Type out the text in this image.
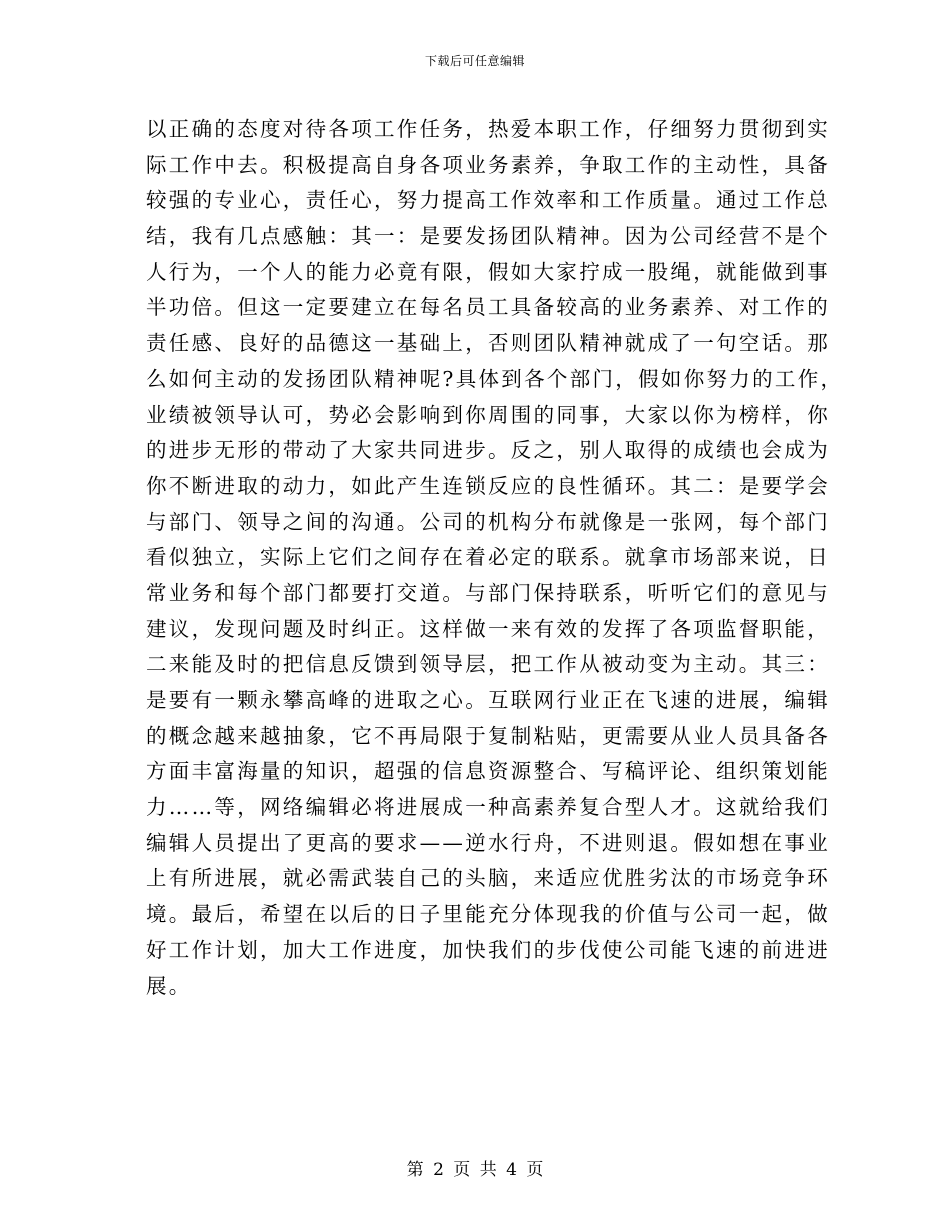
下载后可任意编辑
以正确的态度对待各项工作任务，热爱本职工作，仔细努力贯彻到实
际工作中去。积极提高自身各项业务素养，争取工作的主动性，具备
较强的专业心，责任心，努力提高工作效率和工作质量。通过工作总
结，我有几点感触：其一：是要发扬团队精神。因为公司经营不是个
人行为，一个人的能力必竟有限，假如大家拧成一股绳，就能做到事
半功倍。但这一定要建立在每名员工具备较高的业务素养、对工作的
责任感、良好的品德这一基础上，否则团队精神就成了一句空话。那
么如何主动的发扬团队精神呢?具体到各个部门，假如你努力的工作，
业绩被领导认可，势必会影响到你周围的同事，大家以你为榜样，你
的进步无形的带动了大家共同进步。反之，别人取得的成绩也会成为
你不断进取的动力，如此产生连锁反应的良性循环。其二：是要学会
与部门、领导之间的沟通。公司的机构分布就像是一张网，每个部门
看似独立，实际上它们之间存在着必定的联系。就拿市场部来说，日
常业务和每个部门都要打交道。与部门保持联系，听听它们的意见与
建议，发现问题及时纠正。这样做一来有效的发挥了各项监督职能，
二来能及时的把信息反馈到领导层，把工作从被动变为主动。其三：
是要有一颗永攀高峰的进取之心。互联网行业正在飞速的进展，编辑
的概念越来越抽象，它不再局限于复制粘贴，更需要从业人员具备各
方面丰富海量的知识，超强的信息资源整合、写稿评论、组织策划能
力……等，网络编辑必将进展成一种高素养复合型人才。这就给我们
编辑人员提出了更高的要求——逆水行舟，不进则退。假如想在事业
上有所进展，就必需武装自己的头脑，来适应优胜劣汰的市场竞争环
境。最后，希望在以后的日子里能充分体现我的价值与公司一起，做
好工作计划，加大工作进度，加快我们的步伐使公司能飞速的前进进
展。
第 2 页 共 4 页
